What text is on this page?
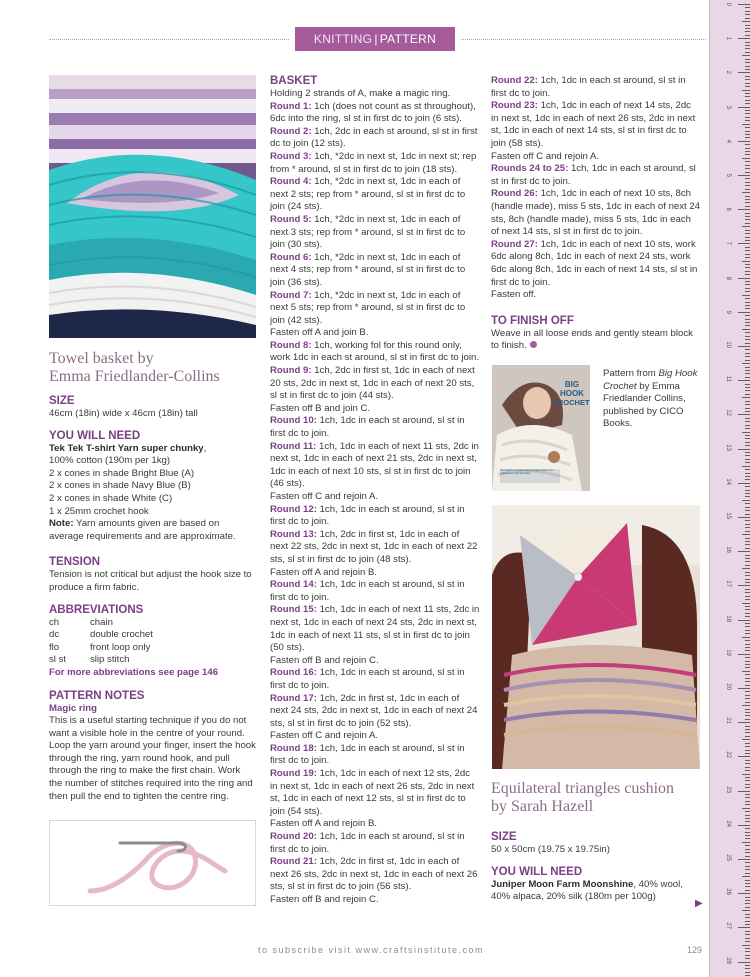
KNITTING | PATTERN INSTRUCTIONS
0
1
2
3
4
5
6
7
8
9
10
11
12
13
14
15
16
17
18
19
20
21
22
23
24
25
26
27
28
Towel basket by
Emma Friedlander-Collins
SIZE
46cm (18in) wide x 46cm (18in) tall
YOU WILL NEED
Tek Tek T-shirt Yarn super chunky,
100% cotton (190m per 1kg)
2 x cones in shade Bright Blue (A)
2 x cones in shade Navy Blue (B)
2 x cones in shade White (C)
1 x 25mm crochet hook
Note: Yarn amounts given are based on average requirements and are approximate.
TENSION
Tension is not critical but adjust the hook size to produce a firm fabric.
ABBREVIATIONS
ch	chain
dc	double crochet
flo	front loop only
sl st	slip stitch
For more abbreviations see page 146
PATTERN NOTES
Magic ring
This is a useful starting technique if you do not want a visible hole in the centre of your round. Loop the yarn around your finger, insert the hook through the ring, yarn round hook, and pull through the ring to make the first chain. Work the number of stitches required into the ring and then pull the end to tighten the centre ring.
BASKET
Holding 2 strands of A, make a magic ring.
Round 1: 1ch (does not count as st throughout), 6dc into the ring, sl st in first dc to join (6 sts).
Round 2: 1ch, 2dc in each st around, sl st in first dc to join (12 sts).
Round 3: 1ch, *2dc in next st, 1dc in next st; rep from * around, sl st in first dc to join (18 sts).
Round 4: 1ch, *2dc in next st, 1dc in each of next 2 sts; rep from * around, sl st in first dc to join (24 sts).
Round 5: 1ch, *2dc in next st, 1dc in each of next 3 sts; rep from * around, sl st in first dc to join (30 sts).
Round 6: 1ch, *2dc in next st, 1dc in each of next 4 sts; rep from * around, sl st in first dc to join (36 sts).
Round 7: 1ch, *2dc in next st, 1dc in each of next 5 sts; rep from * around, sl st in first dc to join (42 sts).
Fasten off A and join B.
Round 8: 1ch, working fol for this round only, work 1dc in each st around, sl st in first dc to join.
Round 9: 1ch, 2dc in first st, 1dc in each of next 20 sts, 2dc in next st, 1dc in each of next 20 sts, sl st in first dc to join (44 sts).
Fasten off B and join C.
Round 10: 1ch, 1dc in each st around, sl st in first dc to join.
Round 11: 1ch, 1dc in each of next 11 sts, 2dc in next st, 1dc in each of next 21 sts, 2dc in next st, 1dc in each of next 10 sts, sl st in first dc to join (46 sts).
Fasten off C and rejoin A.
Round 12: 1ch, 1dc in each st around, sl st in first dc to join.
Round 13: 1ch, 2dc in first st, 1dc in each of next 22 sts, 2dc in next st, 1dc in each of next 22 sts, sl st in first dc to join (48 sts).
Fasten off A and rejoin B.
Round 14: 1ch, 1dc in each st around, sl st in first dc to join.
Round 15: 1ch, 1dc in each of next 11 sts, 2dc in next st, 1dc in each of next 24 sts, 2dc in next st, 1dc in each of next 11 sts, sl st in first dc to join (50 sts).
Fasten off B and rejoin C.
Round 16: 1ch, 1dc in each st around, sl st in first dc to join.
Round 17: 1ch, 2dc in first st, 1dc in each of next 24 sts, 2dc in next st, 1dc in each of next 24 sts, sl st in first dc to join (52 sts).
Fasten off C and rejoin A.
Round 18: 1ch, 1dc in each st around, sl st in first dc to join.
Round 19: 1ch, 1dc in each of next 12 sts, 2dc in next st, 1dc in each of next 26 sts, 2dc in next st, 1dc in each of next 12 sts, sl st in first dc to join (54 sts).
Fasten off A and rejoin B.
Round 20: 1ch, 1dc in each st around, sl st in first dc to join.
Round 21: 1ch, 2dc in first st, 1dc in each of next 26 sts, 2dc in next st, 1dc in each of next 26 sts, sl st in first dc to join (56 sts).
Fasten off B and rejoin C.
Round 22: 1ch, 1dc in each st around, sl st in first dc to join.
Round 23: 1ch, 1dc in each of next 14 sts, 2dc in next st, 1dc in each of next 26 sts, 2dc in next st, 1dc in each of next 14 sts, sl st in first dc to join (58 sts).
Fasten off C and rejoin A.
Rounds 24 to 25: 1ch, 1dc in each st around, sl st in first dc to join.
Round 26: 1ch, 1dc in each of next 10 sts, 8ch (handle made), miss 5 sts, 1dc in each of next 24 sts, 8ch (handle made), miss 5 sts, 1dc in each of next 14 sts, sl st in first dc to join.
Round 27: 1ch, 1dc in each of next 10 sts, work 6dc along 8ch, 1dc in each of next 24 sts, work 6dc along 8ch, 1dc in each of next 14 sts, sl st in first dc to join.
Fasten off.
TO FINISH OFF
Weave in all loose ends and gently steam block to finish.
BIG
HOOK
CROCHET
35 projects to create using a bigger hook, from cushions to rugs and bags
Pattern from Big Hook Crochet by Emma Friedlander Collins, published by CICO Books.
Equilateral triangles cushion
by Sarah Hazell
SIZE
50 x 50cm (19.75 x 19.75in)
YOU WILL NEED
Juniper Moon Farm Moonshine, 40% wool, 40% alpaca, 20% silk (180m per 100g)
▶
to subscribe visit www.craftsinstitute.com	129
